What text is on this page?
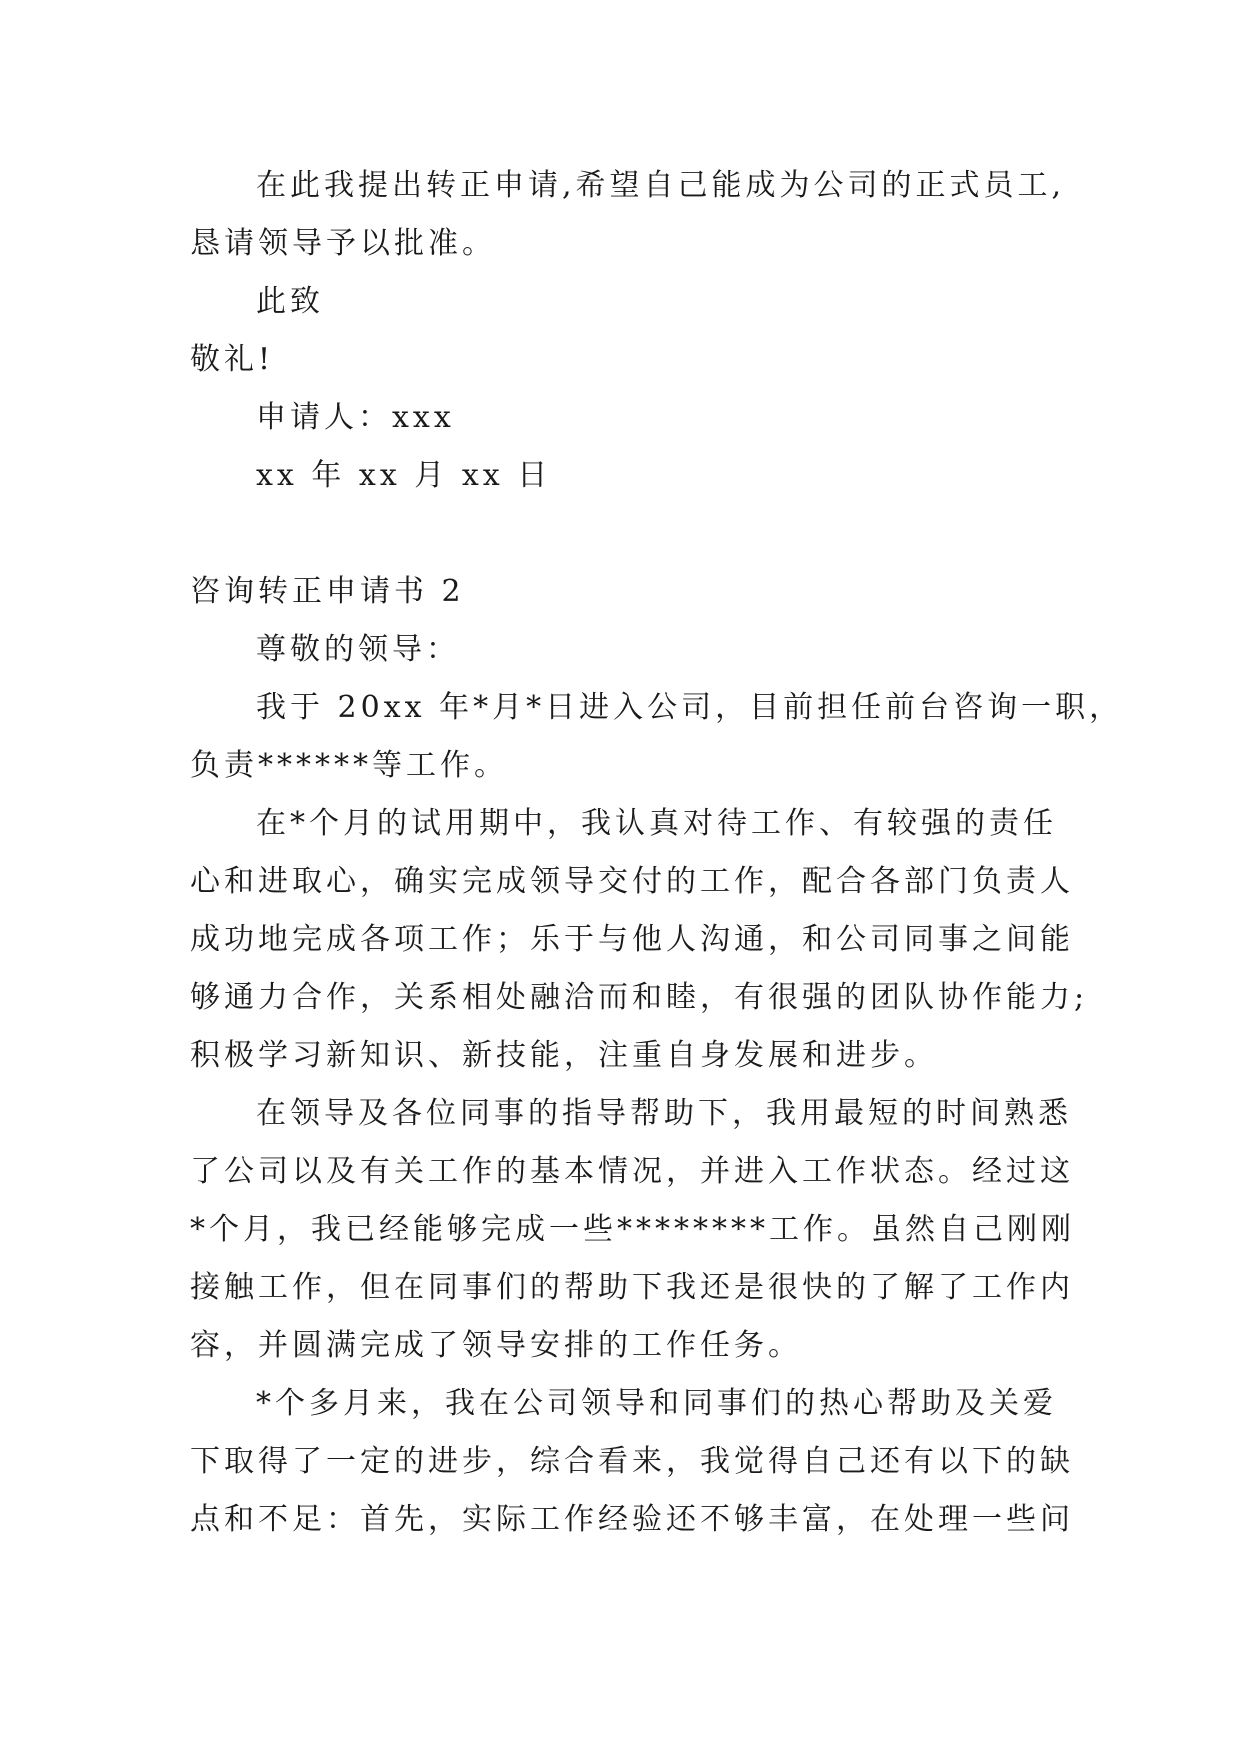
在此我提出转正申请,希望自己能成为公司的正式员工,
恳请领导予以批准。
此致
敬礼!
申请人：xxx
xx 年 xx 月 xx 日
咨询转正申请书 2
尊敬的领导：
我于 20xx 年*月*日进入公司，目前担任前台咨询一职，
负责******等工作。
在*个月的试用期中，我认真对待工作、有较强的责任
心和进取心，确实完成领导交付的工作，配合各部门负责人
成功地完成各项工作；乐于与他人沟通，和公司同事之间能
够通力合作，关系相处融洽而和睦，有很强的团队协作能力;
积极学习新知识、新技能，注重自身发展和进步。
在领导及各位同事的指导帮助下，我用最短的时间熟悉
了公司以及有关工作的基本情况，并进入工作状态。经过这
*个月，我已经能够完成一些********工作。虽然自己刚刚
接触工作，但在同事们的帮助下我还是很快的了解了工作内
容，并圆满完成了领导安排的工作任务。
*个多月来，我在公司领导和同事们的热心帮助及关爱
下取得了一定的进步，综合看来，我觉得自己还有以下的缺
点和不足：首先，实际工作经验还不够丰富，在处理一些问
